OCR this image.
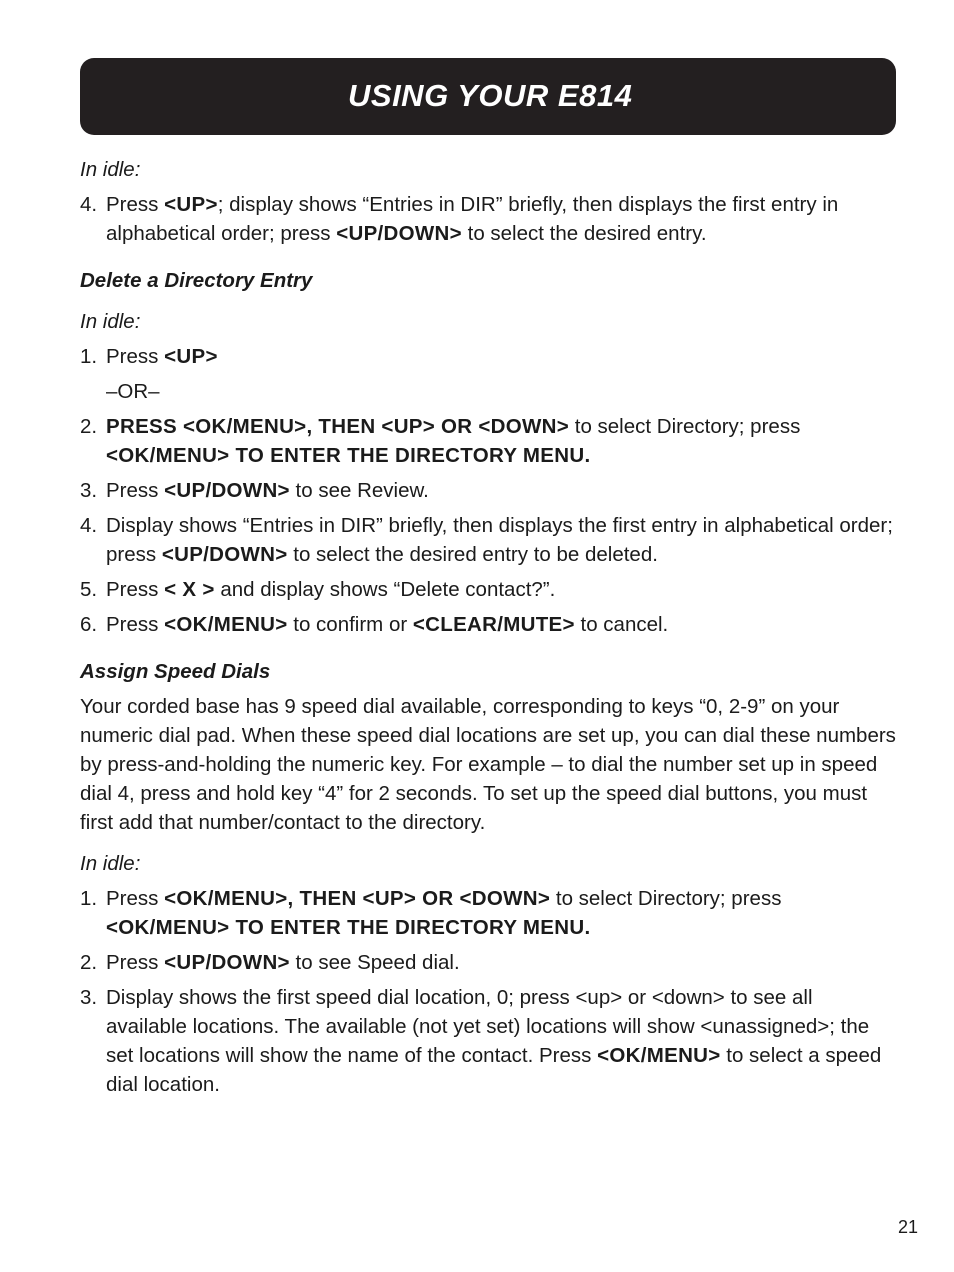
USING YOUR E814
In idle:
4. Press <UP>; display shows “Entries in DIR” briefly, then displays the first entry in alphabetical order; press <UP/DOWN> to select the desired entry.
Delete a Directory Entry
In idle:
1. Press <UP>
–OR–
2. PRESS <OK/MENU>, THEN <UP> OR <DOWN> to select Directory; press <OK/MENU> TO ENTER THE DIRECTORY MENU.
3. Press <UP/DOWN> to see Review.
4. Display shows “Entries in DIR” briefly, then displays the first entry in alphabetical order; press <UP/DOWN> to select the desired entry to be deleted.
5. Press < X > and display shows “Delete contact?”.
6. Press <OK/MENU> to confirm or <CLEAR/MUTE> to cancel.
Assign Speed Dials
Your corded base has 9 speed dial available, corresponding to keys “0, 2-9” on your numeric dial pad. When these speed dial locations are set up, you can dial these numbers by press-and-holding the numeric key. For example – to dial the number set up in speed dial 4, press and hold key “4” for 2 seconds. To set up the speed dial buttons, you must first add that number/contact to the directory.
In idle:
1. Press <OK/MENU>, THEN <UP> OR <DOWN> to select Directory; press <OK/MENU> TO ENTER THE DIRECTORY MENU.
2. Press <UP/DOWN> to see Speed dial.
3. Display shows the first speed dial location, 0; press <up> or <down> to see all available locations. The available (not yet set) locations will show <unassigned>; the set locations will show the name of the contact. Press <OK/MENU> to select a speed dial location.
21
